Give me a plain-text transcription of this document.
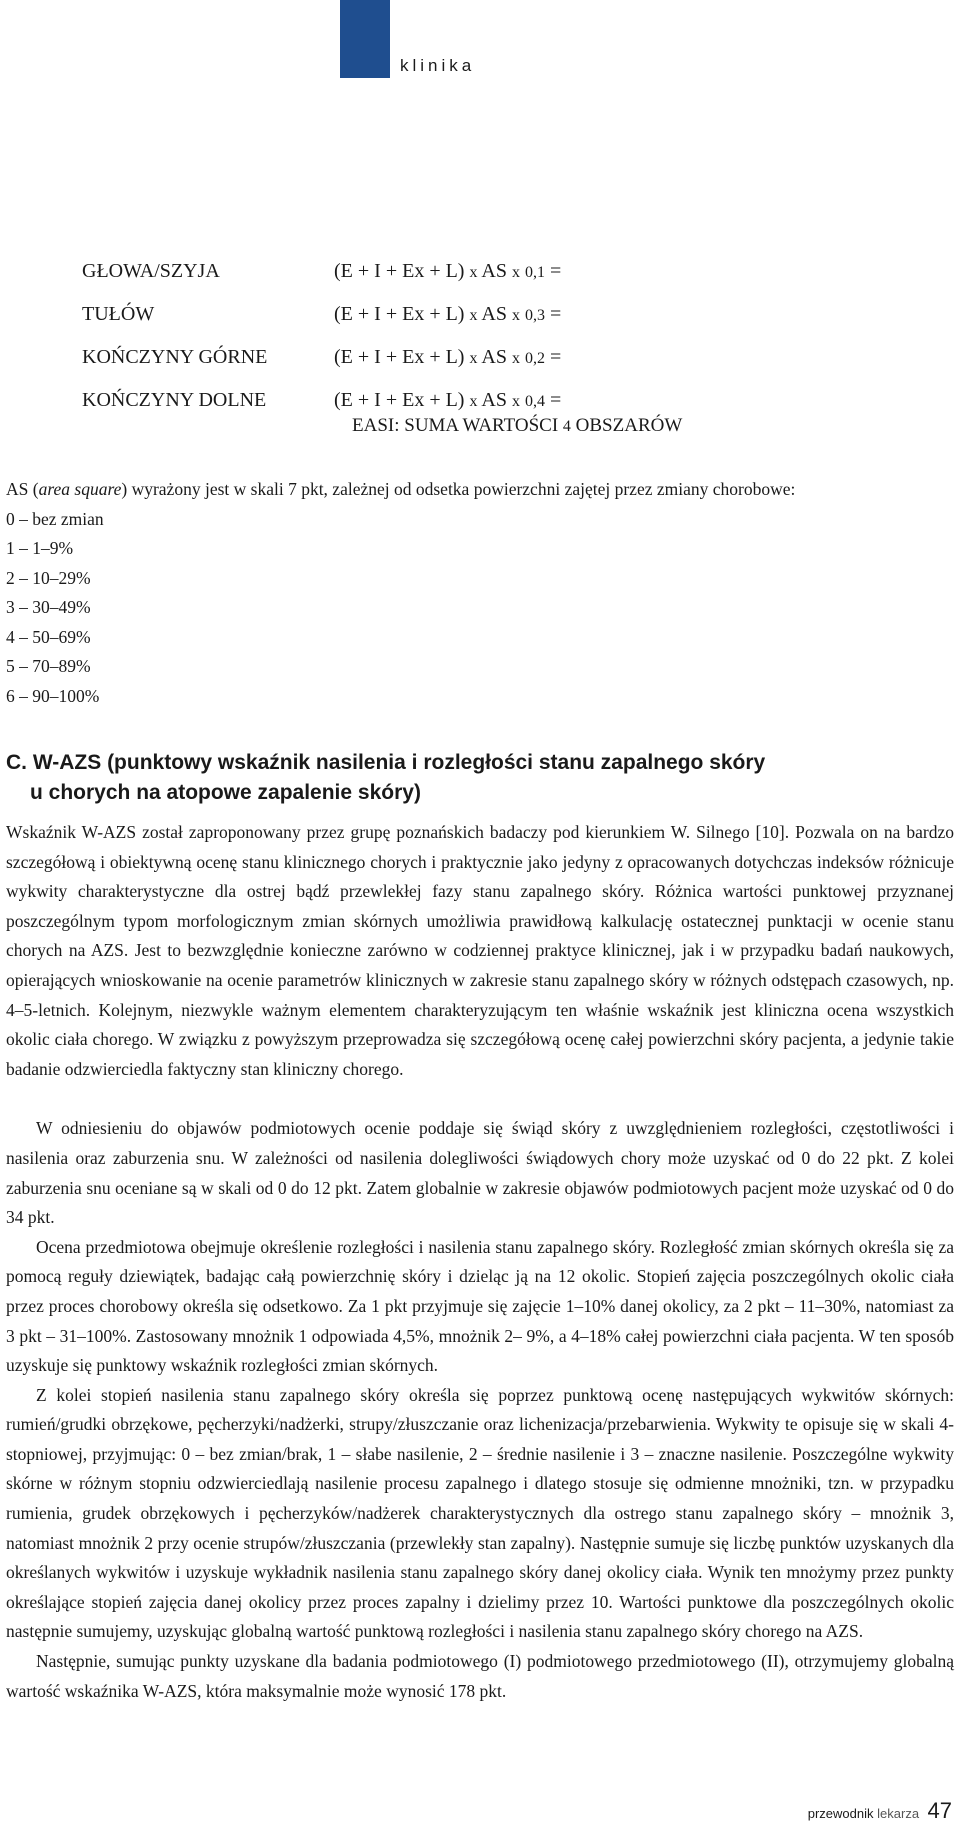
klinika
GŁOWA/SZYJA	(E + I + Ex + L) x AS x 0,1 =
TUŁÓW	(E + I + Ex + L) x AS x 0,3 =
KOŃCZYNY GÓRNE	(E + I + Ex + L) x AS x 0,2 =
KOŃCZYNY DOLNE	(E + I + Ex + L) x AS x 0,4 =
EASI: SUMA WARTOŚCI 4 OBSZARÓW

AS (area square) wyrażony jest w skali 7 pkt, zależnej od odsetka powierzchni zajętej przez zmiany chorobowe:

0 – bez zmian
1 – 1–9%
2 – 10–29%
3 – 30–49%
4 – 50–69%
5 – 70–89%
6 – 90–100%
C. W-AZS (punktowy wskaźnik nasilenia i rozległości stanu zapalnego skóry
u chorych na atopowe zapalenie skóry)

Wskaźnik W-AZS został zaproponowany przez grupę poznańskich badaczy pod kierunkiem W. Silnego [10]. Pozwala on na bardzo szczegółową i obiektywną ocenę stanu klinicznego chorych i praktycznie jako jedyny z opracowanych dotychczas indeksów różnicuje wykwity charakterystyczne dla ostrej bądź przewlekłej fazy stanu zapalnego skóry. Różnica wartości punktowej przyznanej poszczególnym typom morfologicznym zmian skórnych umożliwia prawidłową kalkulację ostatecznej punktacji w ocenie stanu chorych na AZS. Jest to bezwzględnie konieczne zarówno w codziennej praktyce klinicznej, jak i w przypadku badań naukowych, opierających wnioskowanie na ocenie parametrów klinicznych w zakresie stanu zapalnego skóry w różnych odstępach czasowych, np. 4–5-letnich. Kolejnym, niezwykle ważnym elementem charakteryzującym ten właśnie wskaźnik jest kliniczna ocena wszystkich okolic ciała chorego. W związku z powyższym przeprowadza się szczegółową ocenę całej powierzchni skóry pacjenta, a jedynie takie badanie odzwierciedla faktyczny stan kliniczny chorego.

W odniesieniu do objawów podmiotowych ocenie poddaje się świąd skóry z uwzględnieniem rozległości, częstotliwości i nasilenia oraz zaburzenia snu. W zależności od nasilenia dolegliwości świądowych chory może uzyskać od 0 do 22 pkt. Z kolei zaburzenia snu oceniane są w skali od 0 do 12 pkt. Zatem globalnie w zakresie objawów podmiotowych pacjent może uzyskać od 0 do 34 pkt.

Ocena przedmiotowa obejmuje określenie rozległości i nasilenia stanu zapalnego skóry. Rozległość zmian skórnych określa się za pomocą reguły dziewiątek, badając całą powierzchnię skóry i dzieląc ją na 12 okolic. Stopień zajęcia poszczególnych okolic ciała przez proces chorobowy określa się odsetkowo. Za 1 pkt przyjmuje się zajęcie 1–10% danej okolicy, za 2 pkt – 11–30%, natomiast za 3 pkt – 31–100%. Zastosowany mnożnik 1 odpowiada 4,5%, mnożnik 2– 9%, a 4–18% całej powierzchni ciała pacjenta. W ten sposób uzyskuje się punktowy wskaźnik rozległości zmian skórnych.

Z kolei stopień nasilenia stanu zapalnego skóry określa się poprzez punktową ocenę następujących wykwitów skórnych: rumień/grudki obrzękowe, pęcherzyki/nadżerki, strupy/złuszczanie oraz lichenizacja/przebarwienia. Wykwity te opisuje się w skali 4-stopniowej, przyjmując: 0 – bez zmian/brak, 1 – słabe nasilenie, 2 – średnie nasilenie i 3 – znaczne nasilenie. Poszczególne wykwity skórne w różnym stopniu odzwierciedlają nasilenie procesu zapalnego i dlatego stosuje się odmienne mnożniki, tzn. w przypadku rumienia, grudek obrzękowych i pęcherzyków/nadżerek charakterystycznych dla ostrego stanu zapalnego skóry – mnożnik 3, natomiast mnożnik 2 przy ocenie strupów/złuszczania (przewlekły stan zapalny). Następnie sumuje się liczbę punktów uzyskanych dla określanych wykwitów i uzyskuje wykładnik nasilenia stanu zapalnego skóry danej okolicy ciała. Wynik ten mnożymy przez punkty określające stopień zajęcia danej okolicy przez proces zapalny i dzielimy przez 10. Wartości punktowe dla poszczególnych okolic następnie sumujemy, uzyskując globalną wartość punktową rozległości i nasilenia stanu zapalnego skóry chorego na AZS.

Następnie, sumując punkty uzyskane dla badania podmiotowego (I) podmiotowego przedmiotowego (II), otrzymujemy globalną wartość wskaźnika W-AZS, która maksymalnie może wynosić 178 pkt.

przewodnik lekarza 47
